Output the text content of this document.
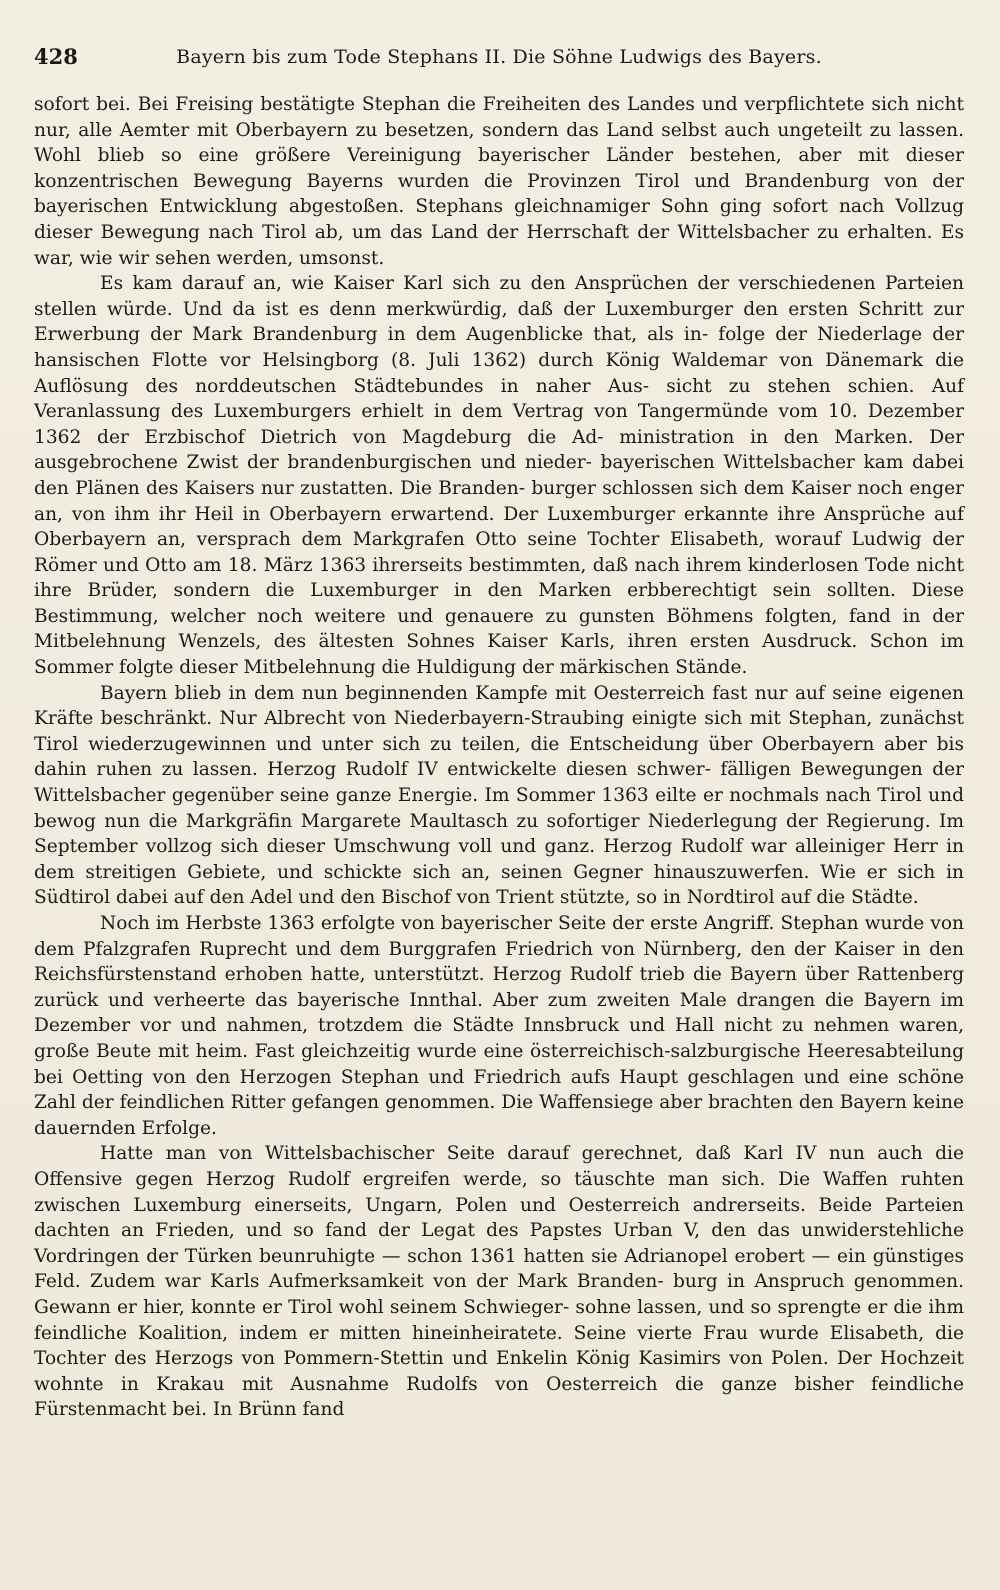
428	Bayern bis zum Tode Stephans II. Die Söhne Ludwigs des Bayers.

sofort bei. Bei Freising bestätigte Stephan die Freiheiten des Landes und verpflichtete sich nicht nur, alle Aemter mit Oberbayern zu besetzen, sondern das Land selbst auch ungeteilt zu lassen. Wohl blieb so eine größere Vereinigung bayerischer Länder bestehen, aber mit dieser konzentrischen Bewegung Bayerns wurden die Provinzen Tirol und Brandenburg von der bayerischen Entwicklung abgestoßen. Stephans gleichnamiger Sohn ging sofort nach Vollzug dieser Bewegung nach Tirol ab, um das Land der Herrschaft der Wittelsbacher zu erhalten. Es war, wie wir sehen werden, umsonst.

Es kam darauf an, wie Kaiser Karl sich zu den Ansprüchen der verschiedenen Parteien stellen würde. Und da ist es denn merkwürdig, daß der Luxemburger den ersten Schritt zur Erwerbung der Mark Brandenburg in dem Augenblicke that, als in- folge der Niederlage der hansischen Flotte vor Helsingborg (8. Juli 1362) durch König Waldemar von Dänemark die Auflösung des norddeutschen Städtebundes in naher Aus- sicht zu stehen schien. Auf Veranlassung des Luxemburgers erhielt in dem Vertrag von Tangermünde vom 10. Dezember 1362 der Erzbischof Dietrich von Magdeburg die Ad- ministration in den Marken. Der ausgebrochene Zwist der brandenburgischen und nieder- bayerischen Wittelsbacher kam dabei den Plänen des Kaisers nur zustatten. Die Branden- burger schlossen sich dem Kaiser noch enger an, von ihm ihr Heil in Oberbayern erwartend. Der Luxemburger erkannte ihre Ansprüche auf Oberbayern an, versprach dem Markgrafen Otto seine Tochter Elisabeth, worauf Ludwig der Römer und Otto am 18. März 1363 ihrerseits bestimmten, daß nach ihrem kinderlosen Tode nicht ihre Brüder, sondern die Luxemburger in den Marken erbberechtigt sein sollten. Diese Bestimmung, welcher noch weitere und genauere zu gunsten Böhmens folgten, fand in der Mitbelehnung Wenzels, des ältesten Sohnes Kaiser Karls, ihren ersten Ausdruck. Schon im Sommer folgte dieser Mitbelehnung die Huldigung der märkischen Stände.

Bayern blieb in dem nun beginnenden Kampfe mit Oesterreich fast nur auf seine eigenen Kräfte beschränkt. Nur Albrecht von Niederbayern-Straubing einigte sich mit Stephan, zunächst Tirol wiederzugewinnen und unter sich zu teilen, die Entscheidung über Oberbayern aber bis dahin ruhen zu lassen. Herzog Rudolf IV entwickelte diesen schwer- fälligen Bewegungen der Wittelsbacher gegenüber seine ganze Energie. Im Sommer 1363 eilte er nochmals nach Tirol und bewog nun die Markgräfin Margarete Maultasch zu sofortiger Niederlegung der Regierung. Im September vollzog sich dieser Umschwung voll und ganz. Herzog Rudolf war alleiniger Herr in dem streitigen Gebiete, und schickte sich an, seinen Gegner hinauszuwerfen. Wie er sich in Südtirol dabei auf den Adel und den Bischof von Trient stützte, so in Nordtirol auf die Städte.

Noch im Herbste 1363 erfolgte von bayerischer Seite der erste Angriff. Stephan wurde von dem Pfalzgrafen Ruprecht und dem Burggrafen Friedrich von Nürnberg, den der Kaiser in den Reichsfürstenstand erhoben hatte, unterstützt. Herzog Rudolf trieb die Bayern über Rattenberg zurück und verheerte das bayerische Innthal. Aber zum zweiten Male drangen die Bayern im Dezember vor und nahmen, trotzdem die Städte Innsbruck und Hall nicht zu nehmen waren, große Beute mit heim. Fast gleichzeitig wurde eine österreichisch-salzburgische Heeresabteilung bei Oetting von den Herzogen Stephan und Friedrich aufs Haupt geschlagen und eine schöne Zahl der feindlichen Ritter gefangen genommen. Die Waffensiege aber brachten den Bayern keine dauernden Erfolge.

Hatte man von Wittelsbachischer Seite darauf gerechnet, daß Karl IV nun auch die Offensive gegen Herzog Rudolf ergreifen werde, so täuschte man sich. Die Waffen ruhten zwischen Luxemburg einerseits, Ungarn, Polen und Oesterreich andrerseits. Beide Parteien dachten an Frieden, und so fand der Legat des Papstes Urban V, den das unwiderstehliche Vordringen der Türken beunruhigte — schon 1361 hatten sie Adrianopel erobert — ein günstiges Feld. Zudem war Karls Aufmerksamkeit von der Mark Branden- burg in Anspruch genommen. Gewann er hier, konnte er Tirol wohl seinem Schwieger- sohne lassen, und so sprengte er die ihm feindliche Koalition, indem er mitten hineinheiratete. Seine vierte Frau wurde Elisabeth, die Tochter des Herzogs von Pommern-Stettin und Enkelin König Kasimirs von Polen. Der Hochzeit wohnte in Krakau mit Ausnahme Rudolfs von Oesterreich die ganze bisher feindliche Fürstenmacht bei. In Brünn fand
